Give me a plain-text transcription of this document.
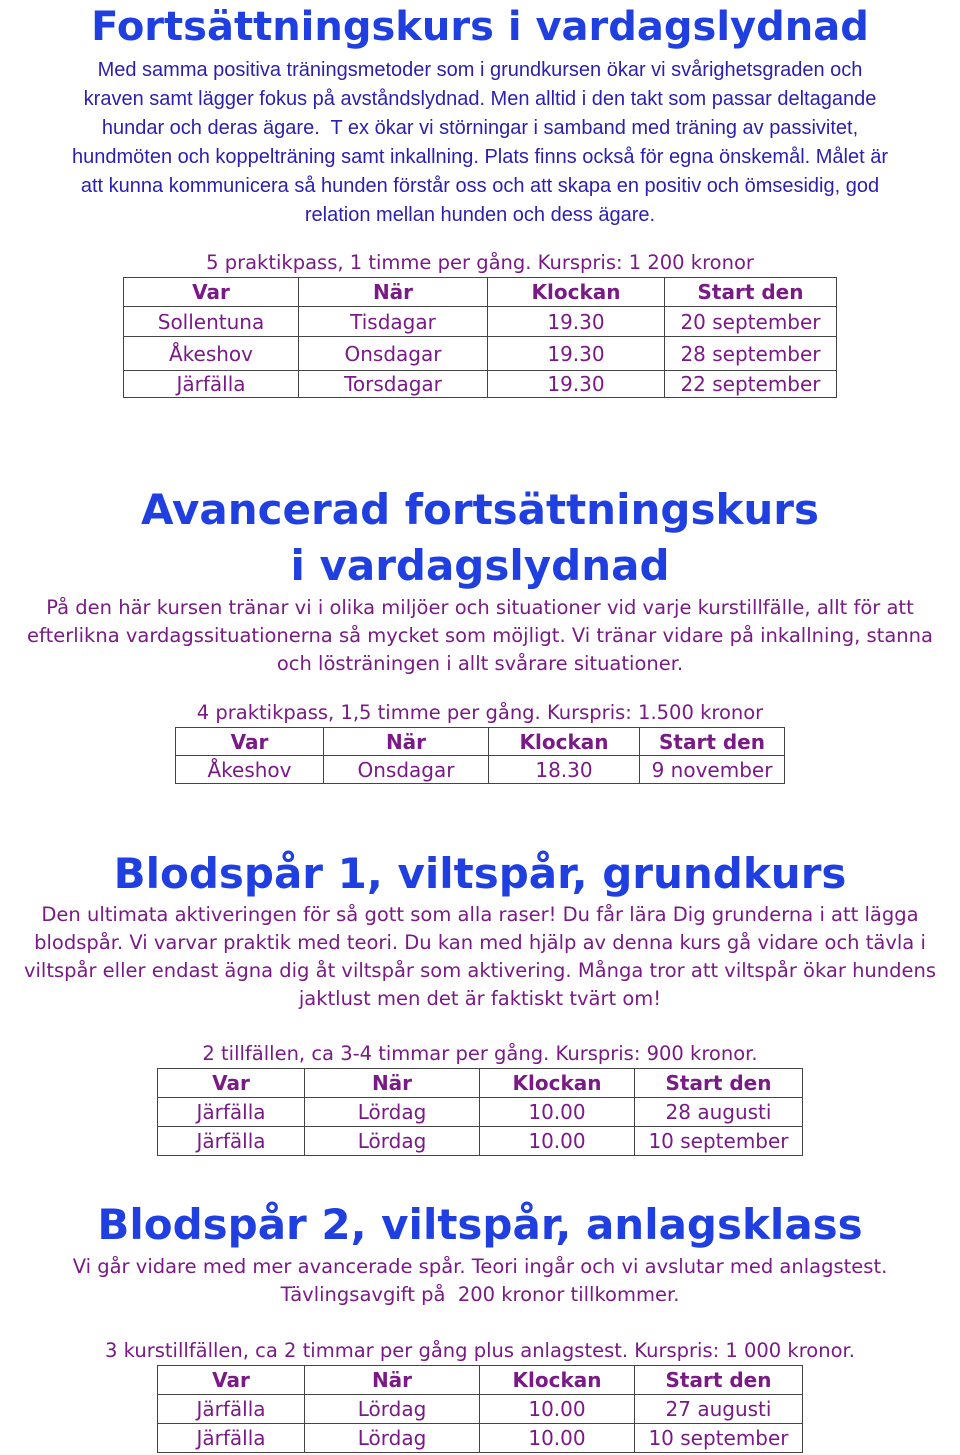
Fortsättningskurs i vardagslydnad
Med samma positiva träningsmetoder som i grundkursen ökar vi svårighetsgraden och
kraven samt lägger fokus på avståndslydnad. Men alltid i den takt som passar deltagande
hundar och deras ägare.  T ex ökar vi störningar i samband med träning av passivitet,
hundmöten och koppelträning samt inkallning. Plats finns också för egna önskemål. Målet är
att kunna kommunicera så hunden förstår oss och att skapa en positiv och ömsesidig, god
relation mellan hunden och dess ägare.

5 praktikpass, 1 timme per gång. Kurspris: 1 200 kronor

Var	När	Klockan	Start den
Sollentuna	Tisdagar	19.30	20 september
Åkeshov	Onsdagar	19.30	28 september
Järfälla	Torsdagar	19.30	22 september
Avancerad fortsättningskurs
i vardagslydnad
På den här kursen tränar vi i olika miljöer och situationer vid varje kurstillfälle, allt för att
efterlikna vardagssituationerna så mycket som möjligt. Vi tränar vidare på inkallning, stanna
och lösträningen i allt svårare situationer.

4 praktikpass, 1,5 timme per gång. Kurspris: 1.500 kronor

Var	När	Klockan	Start den
Åkeshov	Onsdagar	18.30	9 november
Blodspår 1, viltspår, grundkurs
Den ultimata aktiveringen för så gott som alla raser! Du får lära Dig grunderna i att lägga
blodspår. Vi varvar praktik med teori. Du kan med hjälp av denna kurs gå vidare och tävla i
viltspår eller endast ägna dig åt viltspår som aktivering. Många tror att viltspår ökar hundens
jaktlust men det är faktiskt tvärt om!

2 tillfällen, ca 3-4 timmar per gång. Kurspris: 900 kronor.

Var	När	Klockan	Start den
Järfälla	Lördag	10.00	28 augusti
Järfälla	Lördag	10.00	10 september
Blodspår 2, viltspår, anlagsklass
Vi går vidare med mer avancerade spår. Teori ingår och vi avslutar med anlagstest.
Tävlingsavgift på  200 kronor tillkommer.

3 kurstillfällen, ca 2 timmar per gång plus anlagstest. Kurspris: 1 000 kronor.

Var	När	Klockan	Start den
Järfälla	Lördag	10.00	27 augusti
Järfälla	Lördag	10.00	10 september
